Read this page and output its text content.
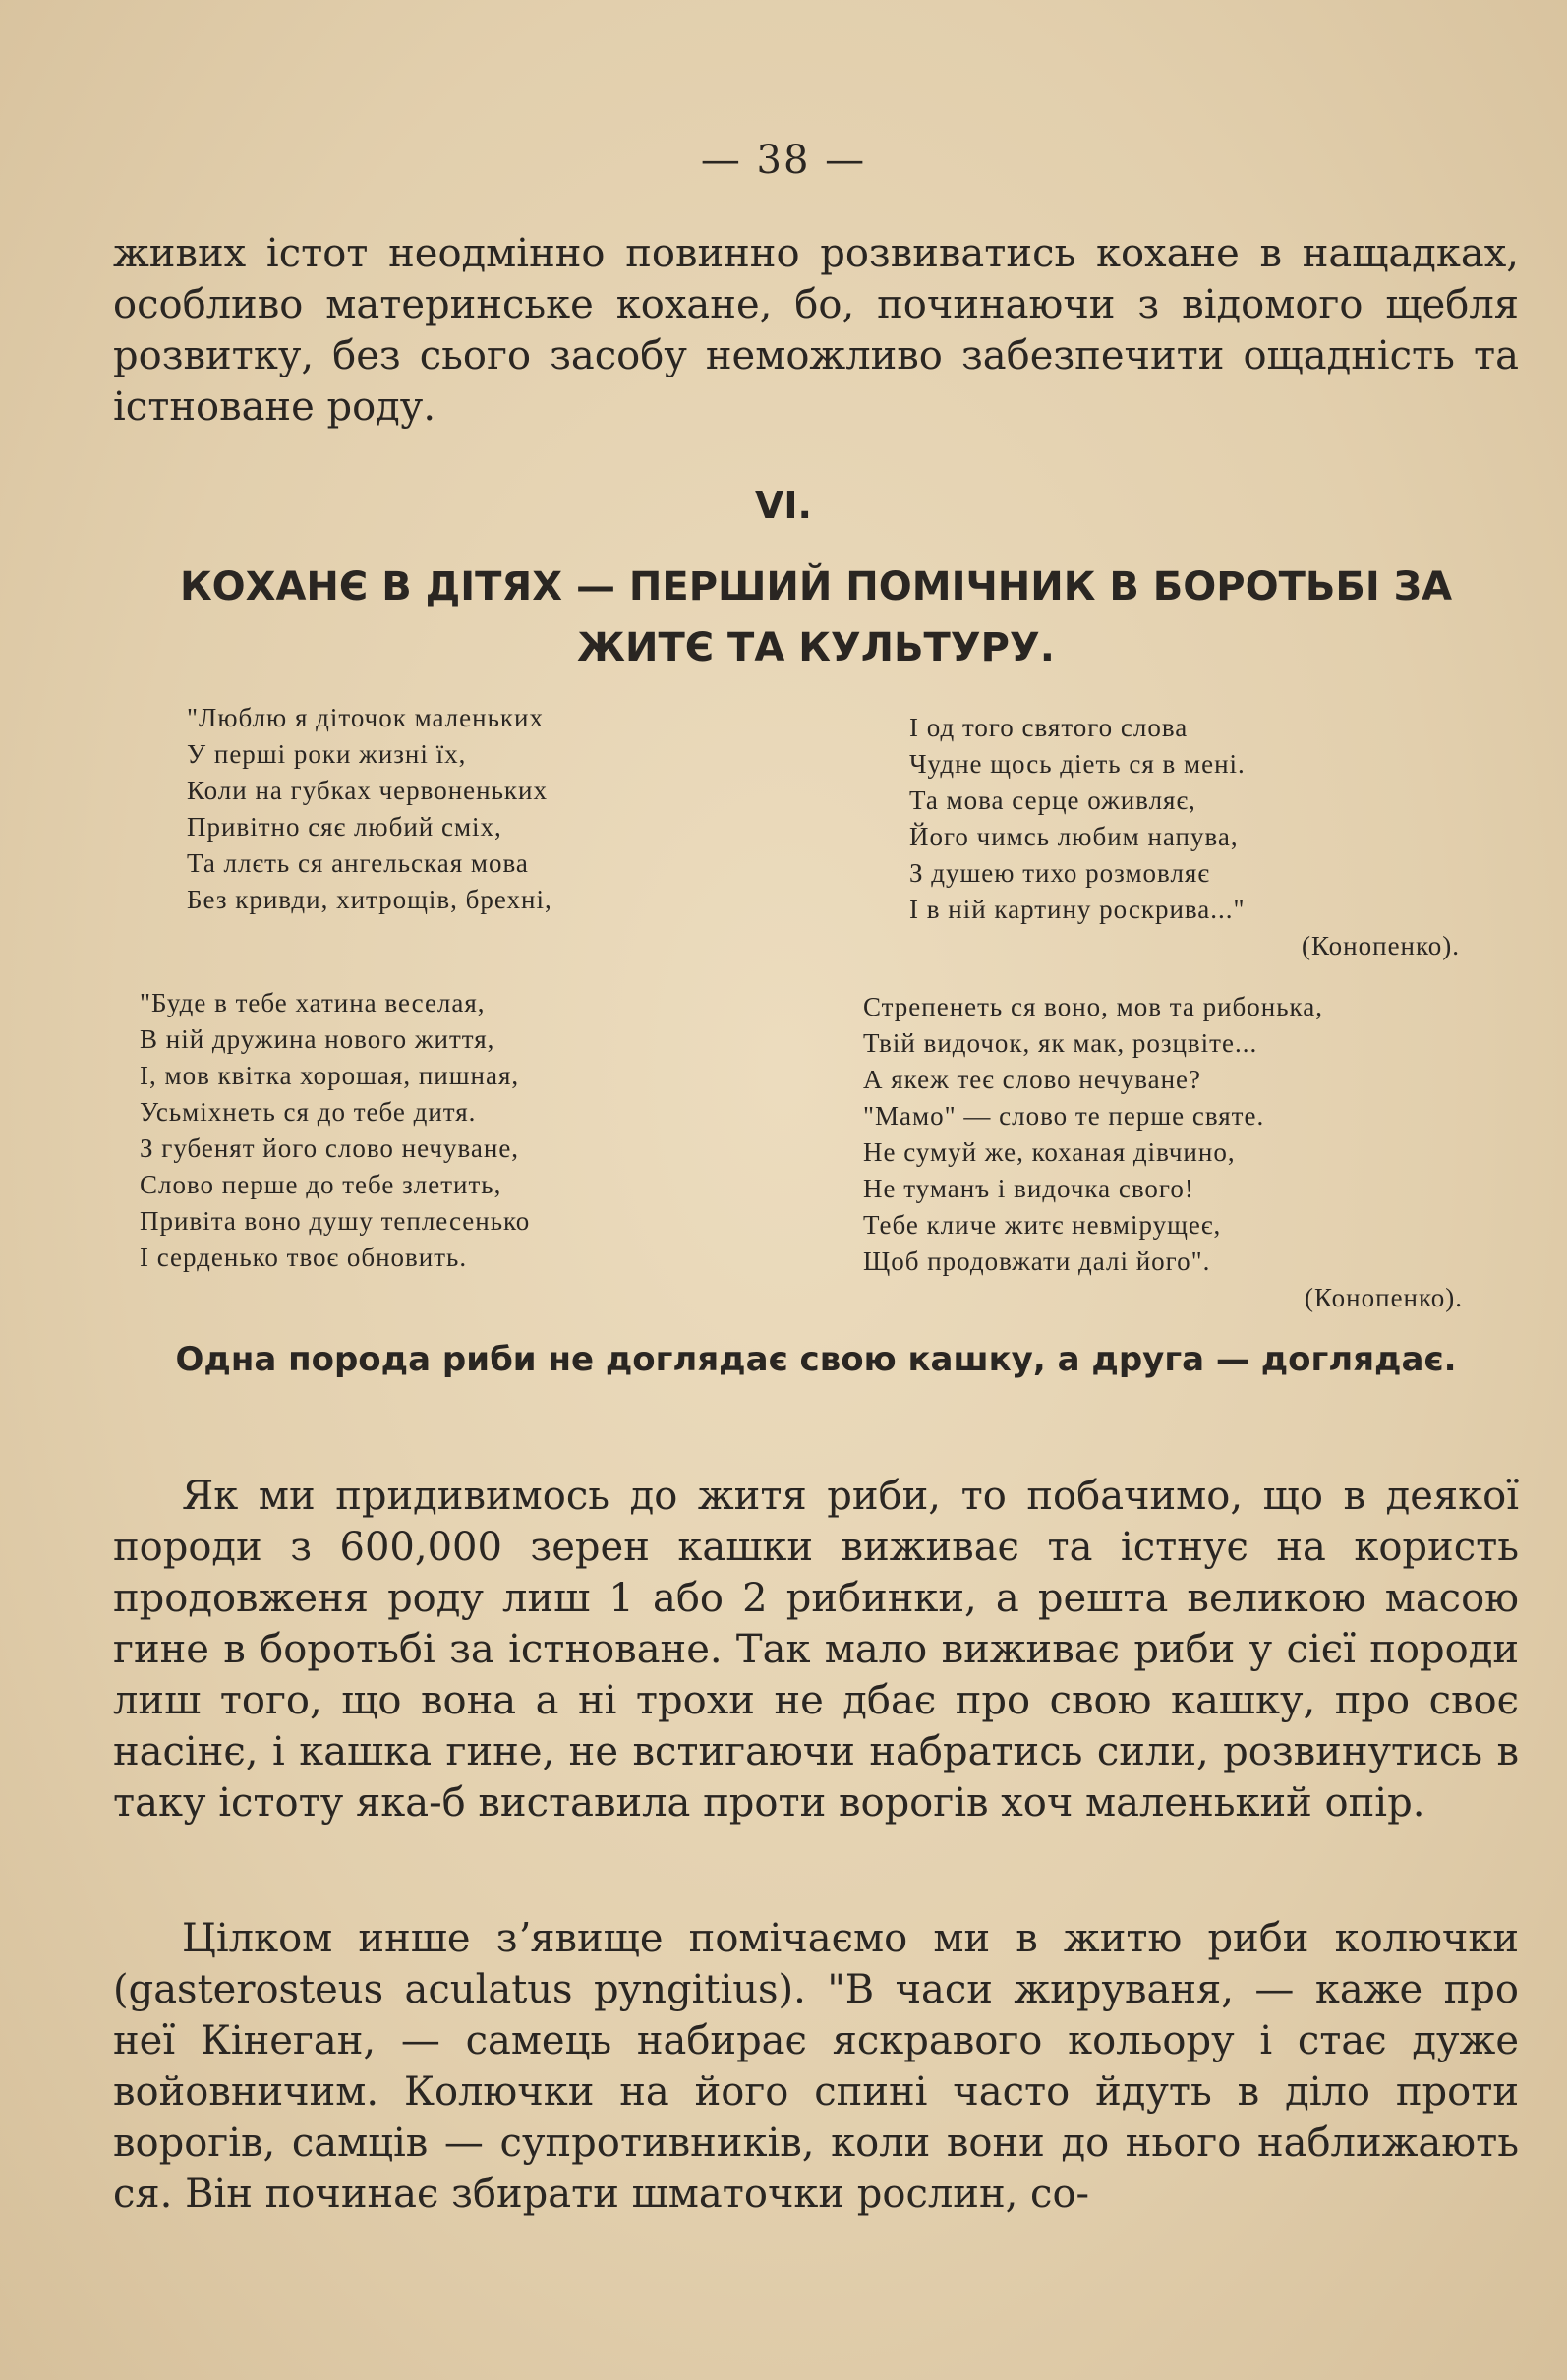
— 38 —

живих істот неодмінно повинно розвиватись кохане в нащадках, особливо материнське кохане, бо, починаючи з відомого щебля розвитку, без сього засобу неможливо забезпечити ощадність та істноване роду.

VI.
КОХАНЄ В ДІТЯХ — ПЕРШИЙ ПОМІЧНИК В БОРОТЬБІ ЗА ЖИТЄ ТА КУЛЬТУРУ.
"Люблю я діточок маленьких
У перші роки жизні їх,
Коли на губках червоненьких
Привітно сяє любий сміх,
Та ллєть ся ангельская мова
Без кривди, хитрощів, брехні,
І од того святого слова
Чудне щось діеть ся в мені.
Та мова серце оживляє,
Його чимсь любим напува,
З душею тихо розмовляє
І в ній картину роскрива..."
(Конопенко).
"Буде в тебе хатина веселая,
В ній дружина нового життя,
І, мов квітка хорошая, пишная,
Усьміхнеть ся до тебе дитя.
З губенят його слово нечуване,
Слово перше до тебе злетить,
Привіта воно душу теплесенько
І серденько твоє обновить.
Стрепенеть ся воно, мов та рибонька,
Твій видочок, як мак, розцвіте...
А якеж теє слово нечуване?
"Мамо" — слово те перше святе.
Не сумуй же, коханая дівчино,
Не туманъ і видочка свого!
Тебе кличе житє невмірущеє,
Щоб продовжати далі його".
(Конопенко).
Одна порода риби не доглядає свою кашку, а друга — доглядає.

Як ми придивимось до житя риби, то побачимо, що в деякої породи з 600,000 зерен кашки виживає та істнує на користь продовженя роду лиш 1 або 2 рибинки, а решта великою масою гине в боротьбі за істноване. Так мало виживає риби у сієї породи лиш того, що вона а ні трохи не дбає про свою кашку, про своє насінє, і кашка гине, не встигаючи набратись сили, розвинутись в таку істоту яка-б виставила проти ворогів хоч маленький опір.

Цілком инше зʼявище помічаємо ми в житю риби колючки (gasterosteus aculatus pyngitius). "В часи жируваня, — каже про неї Кінеган, — самець набирає яскравого кольору і стає дуже войовничим. Колючки на його спині часто йдуть в діло проти ворогів, самців — супротивників, коли вони до нього наближають ся. Він починає збирати шматочки рослин, со-
